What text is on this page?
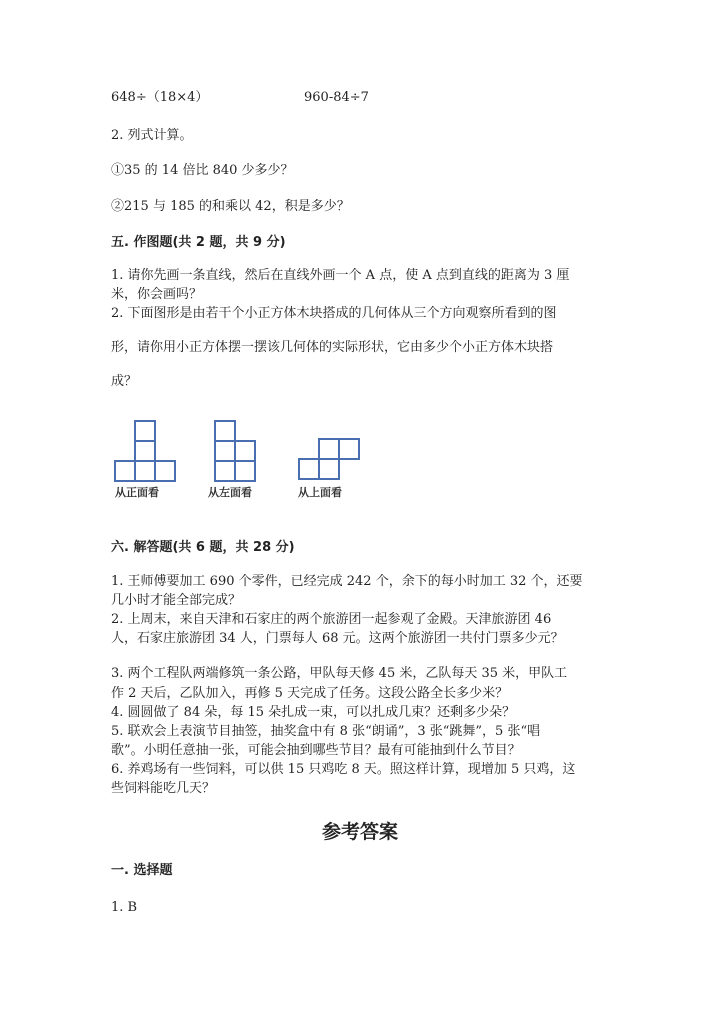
648÷（18×4）	960-84÷7

2. 列式计算。

①35 的 14 倍比 840 少多少？

②215 与 185 的和乘以 42，积是多少？

五. 作图题(共 2 题，共 9 分)

1. 请你先画一条直线，然后在直线外画一个 A 点，使 A 点到直线的距离为 3 厘

米，你会画吗？

2. 下面图形是由若干个小正方体木块搭成的几何体从三个方向观察所看到的图

形，请你用小正方体摆一摆该几何体的实际形状，它由多少个小正方体木块搭

成？

从正面看	从左面看	从上面看

六. 解答题(共 6 题，共 28 分)

1. 王师傅要加工 690 个零件，已经完成 242 个，余下的每小时加工 32 个，还要

几小时才能全部完成？

2. 上周末，来自天津和石家庄的两个旅游团一起参观了金殿。天津旅游团 46

人，石家庄旅游团 34 人，门票每人 68 元。这两个旅游团一共付门票多少元？

3. 两个工程队两端修筑一条公路，甲队每天修 45 米，乙队每天 35 米，甲队工

作 2 天后，乙队加入，再修 5 天完成了任务。这段公路全长多少米？

4. 圆圆做了 84 朵，每 15 朵扎成一束，可以扎成几束？还剩多少朵？

5. 联欢会上表演节目抽签，抽奖盒中有 8 张“朗诵”，3 张“跳舞”，5 张“唱

歌”。小明任意抽一张，可能会抽到哪些节目？最有可能抽到什么节目？

6. 养鸡场有一些饲料，可以供 15 只鸡吃 8 天。照这样计算，现增加 5 只鸡，这

些饲料能吃几天？

参考答案

一. 选择题

1. B
